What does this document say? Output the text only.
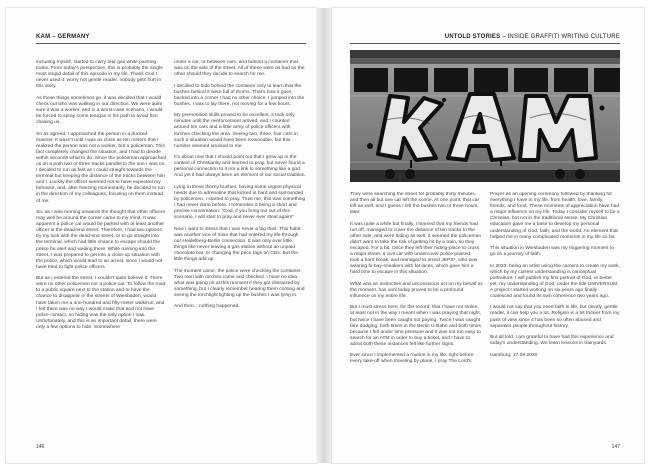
KAM – GERMANY

including myself, started to carry tear gas while painting trains. From today's perspective, this is probably the single most stupid detail of this episode in my life. Thank God I never used it: worry not gentle reader, nobody gets hurt in this story.

As these things sometimes go, it was decided that I would check out who was walking in our direction. We were quite sure it was a worker, and in a worst-case scenario, I would be forced to spray some teargas in his path to avoid him chasing us.

So as agreed, I approached the person in a ducked manner. It wasn't until I was as close as ten meters that I realized the person was not a worker, but a policeman. This fact completely changed the situation, and I had to decide within seconds what to do. Since the policeman approached us on a path two or three tracks parallel to the one I was on, I decided to run as fast as I could straight towards the terminal but keeping the distance of the tracks between him and I. Luckily the officer seemed not to have expected my behavior, and, after freezing momentarily, he decided to run in the direction of my colleagues, focusing on them instead of me.

So, as I was running onwards the thought that other officers may well be around the corner came to my mind. It was apparent a police car would be parked with at least another officer in the dead-end street. Therefore, I had two options: try my luck with the dead-end street, or to go straight into the terminal, which had little chance to escape should the police be alert and waiting there. While running into the street, I was prepared to get into a close-up situation with the police, which would lead to an arrest, since I would not have tried to fight police officers.

But as I entered the street, I couldn't quite believe it. There were no other policemen nor a police-car. To follow the road to a public square next to the station and to have the chance to disappear in the streets of Wiesbaden, would have taken me a one-hundred and fifty-meter walk/run, and I felt there was no way I would make that and not have police contact, so hiding was the only option I saw. Unfortunately, and this is an important detail, there were only a few options to hide. Somewhere

under a car, or between cars, and behind a container that was on the side of the street. All of these were as bad as the other should they decide to search for me.

I decided to hide behind the container only to learn that the bushes behind it were full of thorns. That's how it goes, backed into a corner I had no other choice. I jumped into the bushes. I was to lay there, not moving for a few hours.

My premonition skills proved to be excellent, it took only minutes until the reinforcement arrived, and I counted around ten cars and a little army of police officers with torches checking the area. Seeing two, three, four cars in such a situation would have been reasonable, but this number seemed unusual to me.

It's about now that I should point out that I grew up in the context of Christianity and learned to pray, but never found a personal connection to it nor a link to something like a god. And yet it had always been an element of our social tradition.

Lying in these thorny bushes, having some urgent physical needs due to adrenaline that kicked in hard and surrounded by policemen, I started to pray. Trust me, this was something I had never done before. I remember it being a short and precise conversation: "God, if you bring me out of this scenario, I will start to pray and never ever steal again!"

Now I want to stress that I was never a big thief. This habit was another vice of mine that had entered my life through our Heidelberg-Berlin connection. It was only ever little things like never leaving a gas station without an unpaid chocolate bar, or changing the price tags on CDs. But the little things add up.

The moment came, the police were checking the container. Two men with torches came and checked. I have no idea what was going on at this moment if they got distracted by something, but I clearly remember hearing them coming and seeing the torchlight lighting up the bushes I was lying in.

And then... nothing happened.

146
UNTOLD STORIES – INSIDE GRAFFITI WRITING CULTURE

They were searching the street for probably thirty minutes, and then all but one car left the scene. At one point, that car left as well, and I guess I left the bushes two or three hours later.

It was quite a while but finally, I learned that my friends had run off, managed to cover the distance of ten tracks to the other side, and were hiding as well. It seemed the policeman didn't want to take the risk of getting hit by a train, so they escaped. For a bit. Once they left their hiding-place to cross a major street, a civil car with undercover police passed, took a hard break, and managed to arrest JEPS*, who was wearing hi-bay-sneakers with fat laces, which gave him a hard time to escape in this situation.

What was an instinctive and unconscious act on my behalf at the moment, has until today proved to be a profound influence on my entire life.

But I must stress here, for the record, that I have not stolen, at least not in the way I meant when I was praying that night, but twice I have been caught not paying. Twice I was caught fare dodging, both times in the Berlin U-Bahn and both times because I felt under time pressure and it was not too easy to search for an ATM in order to buy a ticket, and I have to admit both these instances felt like further signs.

Ever since I implemented a routine in my life, right before every take-off when traveling by plane, I pray The Lord's

Prayer as an opening ceremony followed by thanking for everything I have in my life, from health, love, family, friends, and food. These moments of appreciation have had a major influence on my life. Today I consider myself to be a Christian, but not in the traditional sense. My Christian education gave me a base to develop my personal understanding of God, faith, and the world. An element that helped me in many complicated moments in my life so far.

This situation in Wiesbaden was my triggering moment to go on a journey of faith.

In 2020, being an artist using the camera to create my work, which by my current understanding is conceptual portraiture, I will publish my first portrait of God, or better yet, my understanding of God, under the title UNIVERSUM. A project I started working on six years ago finally coalesced and found its own coherence two years ago.

I would not say that you need faith in life, but clearly, gentle reader, it can help you a lot. Religion is a bit trickier from my point of view since it has been so often abused and separates people throughout history.

But all told, I am grateful to have had this experience and today's understanding. We learn lessons in trainyards.

Hamburg, 17.08.2020

147
